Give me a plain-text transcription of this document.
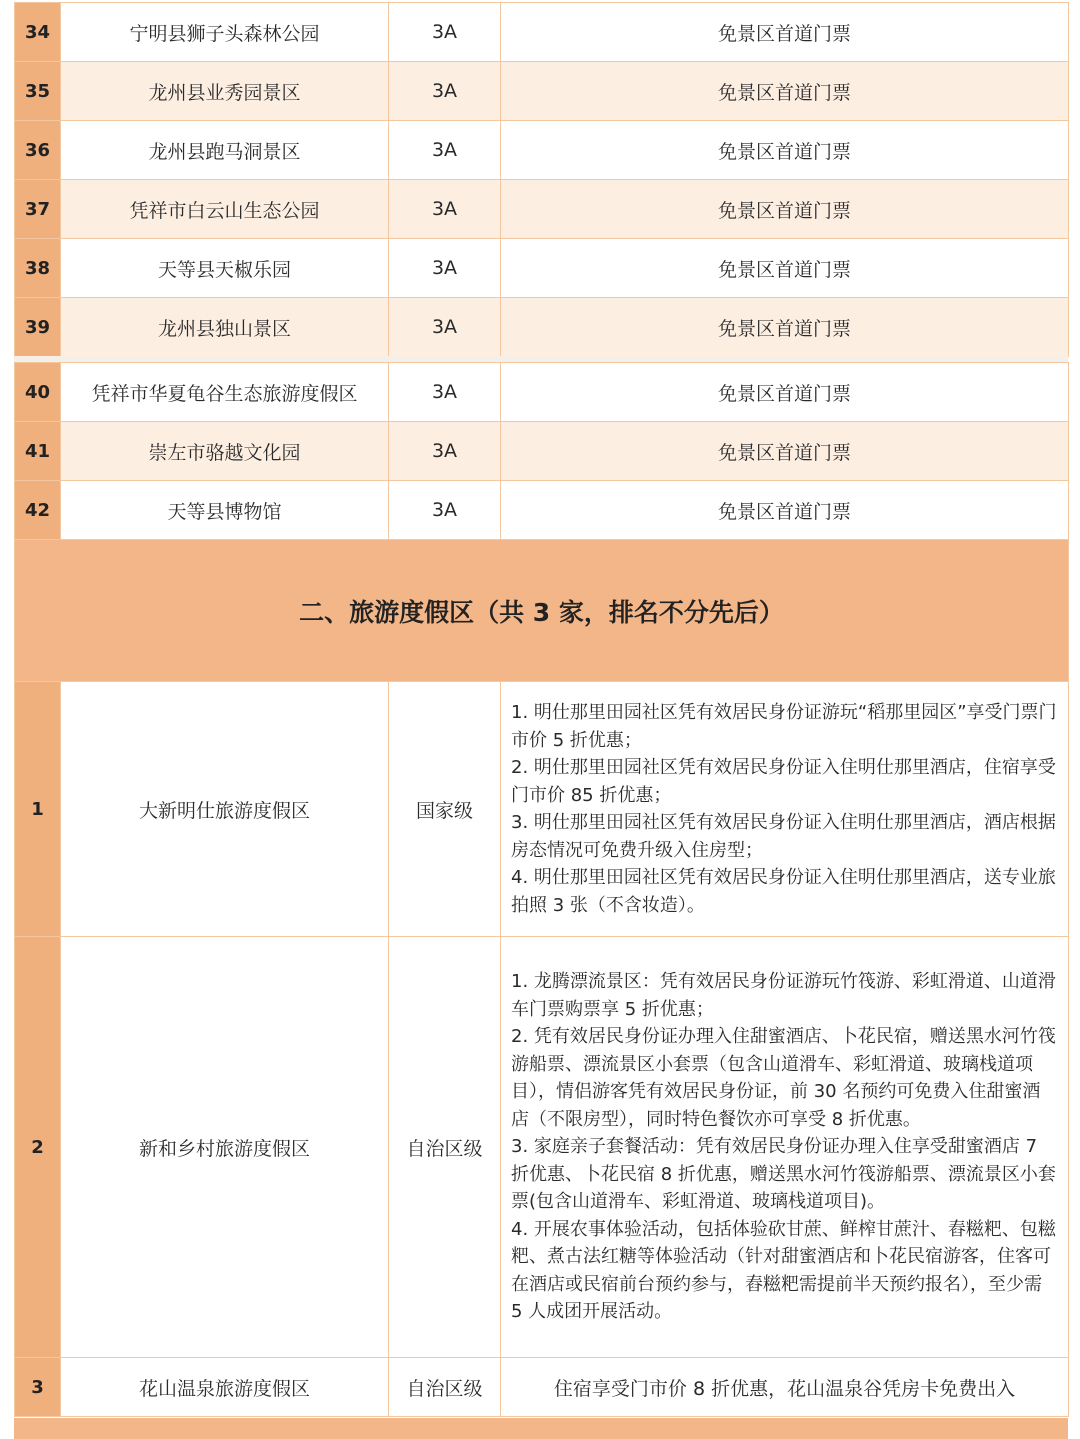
34	宁明县狮子头森林公园	3A	免景区首道门票
35	龙州县业秀园景区	3A	免景区首道门票
36	龙州县跑马洞景区	3A	免景区首道门票
37	凭祥市白云山生态公园	3A	免景区首道门票
38	天等县天椒乐园	3A	免景区首道门票
39	龙州县独山景区	3A	免景区首道门票
40	凭祥市华夏龟谷生态旅游度假区	3A	免景区首道门票
41	崇左市骆越文化园	3A	免景区首道门票
42	天等县博物馆	3A	免景区首道门票
二、旅游度假区（共 3 家，排名不分先后）			
1	大新明仕旅游度假区	国家级	1. 明仕那里田园社区凭有效居民身份证游玩“稻那里园区”享受门票门市价 5 折优惠；
2. 明仕那里田园社区凭有效居民身份证入住明仕那里酒店，住宿享受门市价 85 折优惠；
3. 明仕那里田园社区凭有效居民身份证入住明仕那里酒店，酒店根据房态情况可免费升级入住房型；
4. 明仕那里田园社区凭有效居民身份证入住明仕那里酒店，送专业旅拍照 3 张（不含妆造）。
2	新和乡村旅游度假区	自治区级	1. 龙腾漂流景区：凭有效居民身份证游玩竹筏游、彩虹滑道、山道滑车门票购票享 5 折优惠；
2. 凭有效居民身份证办理入住甜蜜酒店、卜花民宿，赠送黑水河竹筏游船票、漂流景区小套票（包含山道滑车、彩虹滑道、玻璃栈道项目），情侣游客凭有效居民身份证，前 30 名预约可免费入住甜蜜酒店（不限房型），同时特色餐饮亦可享受 8 折优惠。
3. 家庭亲子套餐活动：凭有效居民身份证办理入住享受甜蜜酒店 7 折优惠、卜花民宿 8 折优惠，赠送黑水河竹筏游船票、漂流景区小套票(包含山道滑车、彩虹滑道、玻璃栈道项目)。
4. 开展农事体验活动，包括体验砍甘蔗、鲜榨甘蔗汁、舂糍粑、包糍粑、煮古法红糖等体验活动（针对甜蜜酒店和卜花民宿游客，住客可在酒店或民宿前台预约参与，舂糍粑需提前半天预约报名），至少需 5 人成团开展活动。
3	花山温泉旅游度假区	自治区级	住宿享受门市价 8 折优惠，花山温泉谷凭房卡免费出入
